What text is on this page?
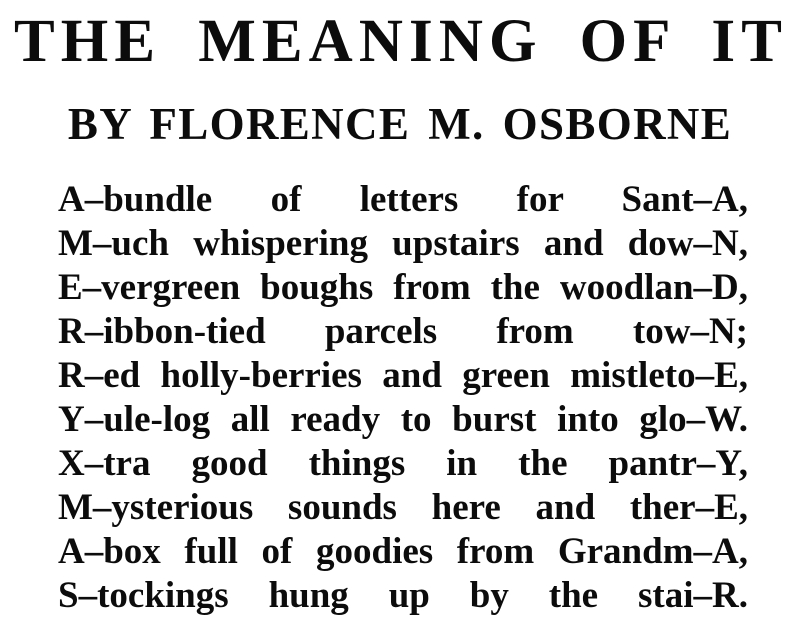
THE MEANING OF IT
BY FLORENCE M. OSBORNE
A–bundle of letters for Sant–A,
M–uch whispering upstairs and dow–N,
E–vergreen boughs from the woodlan–D,
R–ibbon-tied parcels from tow–N;
R–ed holly-berries and green mistleto–E,
Y–ule-log all ready to burst into glo–W.
X–tra good things in the pantr–Y,
M–ysterious sounds here and ther–E,
A–box full of goodies from Grandm–A,
S–tockings hung up by the stai–R.
